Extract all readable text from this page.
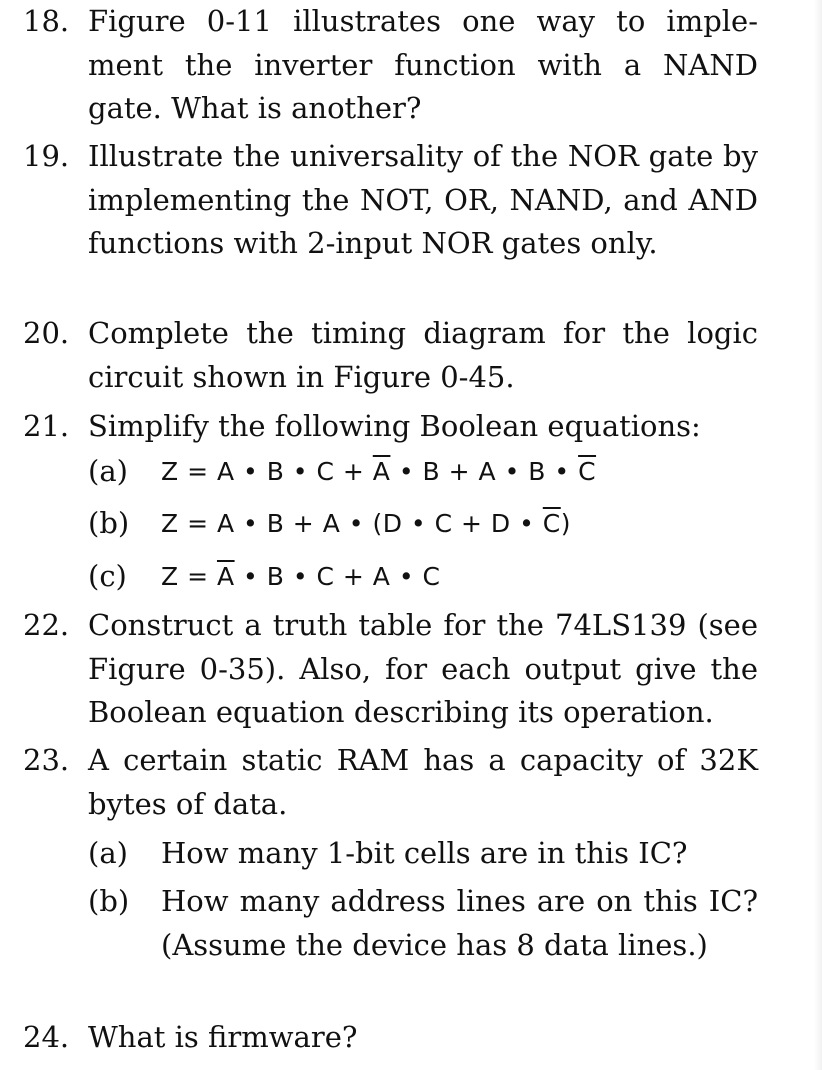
18. Figure 0-11 illustrates one way to imple-ment the inverter function with a NAND gate. What is another?
19. Illustrate the universality of the NOR gate by implementing the NOT, OR, NAND, and AND functions with 2-input NOR gates only.
20. Complete the timing diagram for the logic circuit shown in Figure 0-45.
21. Simplify the following Boolean equations:
(a)	Z = A • B • $C + \overline{A}$ • B + A • B • $\overline{C}$
(b)	Z = A • B + A • (D • C + D • $\overline{C}$)
(c)	$Z = \overline{A}$ • B • C + A • C
22. Construct a truth table for the 74LS139 (see Figure 0-35). Also, for each output give the Boolean equation describing its operation.
23. A certain static RAM has a capacity of 32K bytes of data.
(a)	How many 1-bit cells are in this IC?
(b)	How many address lines are on this IC? (Assume the device has 8 data lines.)
24. What is firmware?
